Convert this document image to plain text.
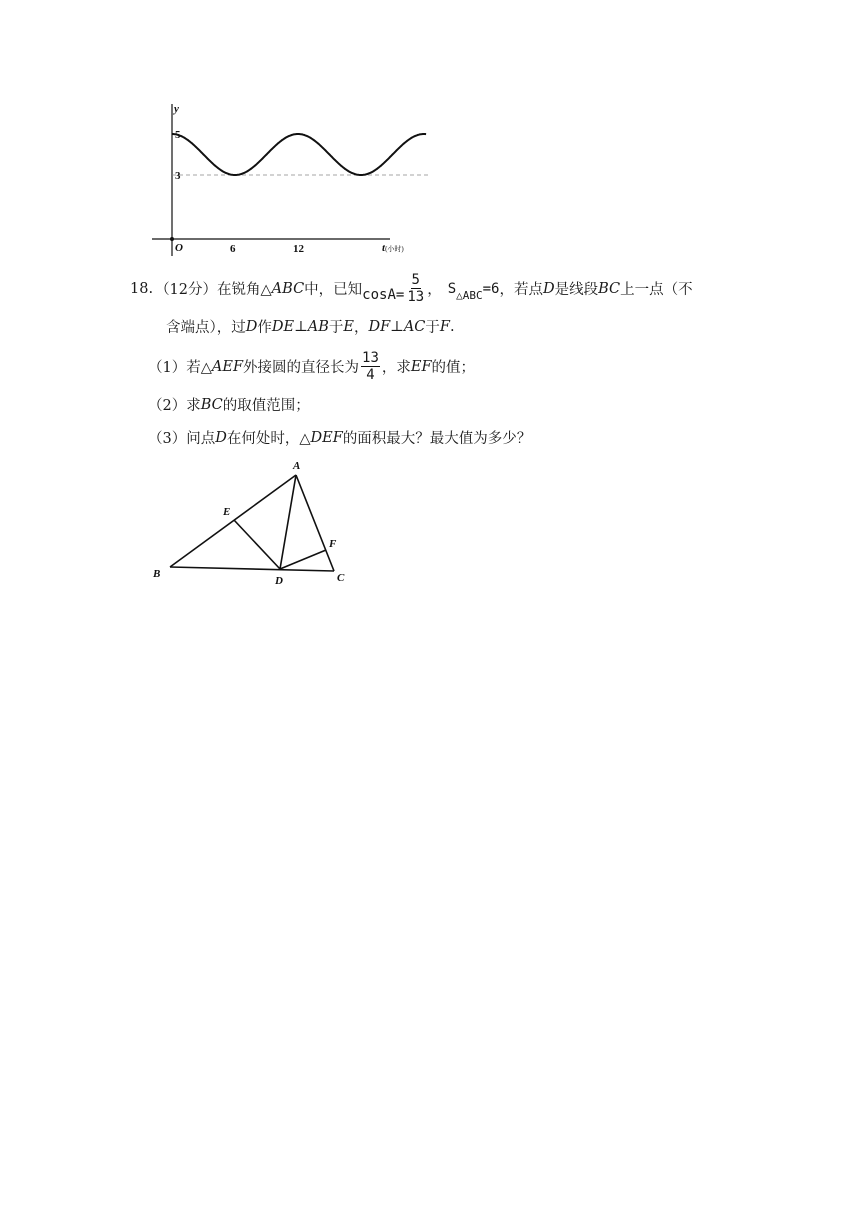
y
5
3
O	6	12	t(小时)
18. （12分） 在锐角△ ABC 中，已知 $\cos A= \frac{5}{13}$ ， $S_{\triangle ABC}=6$ ，若点 D 是线段 BC 上一点（不
含端点），过 D 作 DE ⊥ AB 于 E ， DF ⊥ AC 于 F .
（1）若△ AEF 外接圆的直径长为 $\frac{13}{4}$ ，求 EF 的值；
（2）求 BC 的取值范围；
（3）问点 D 在何处时，△ DEF 的面积最大？最大值为多少？
A
B	C
D
E
F
